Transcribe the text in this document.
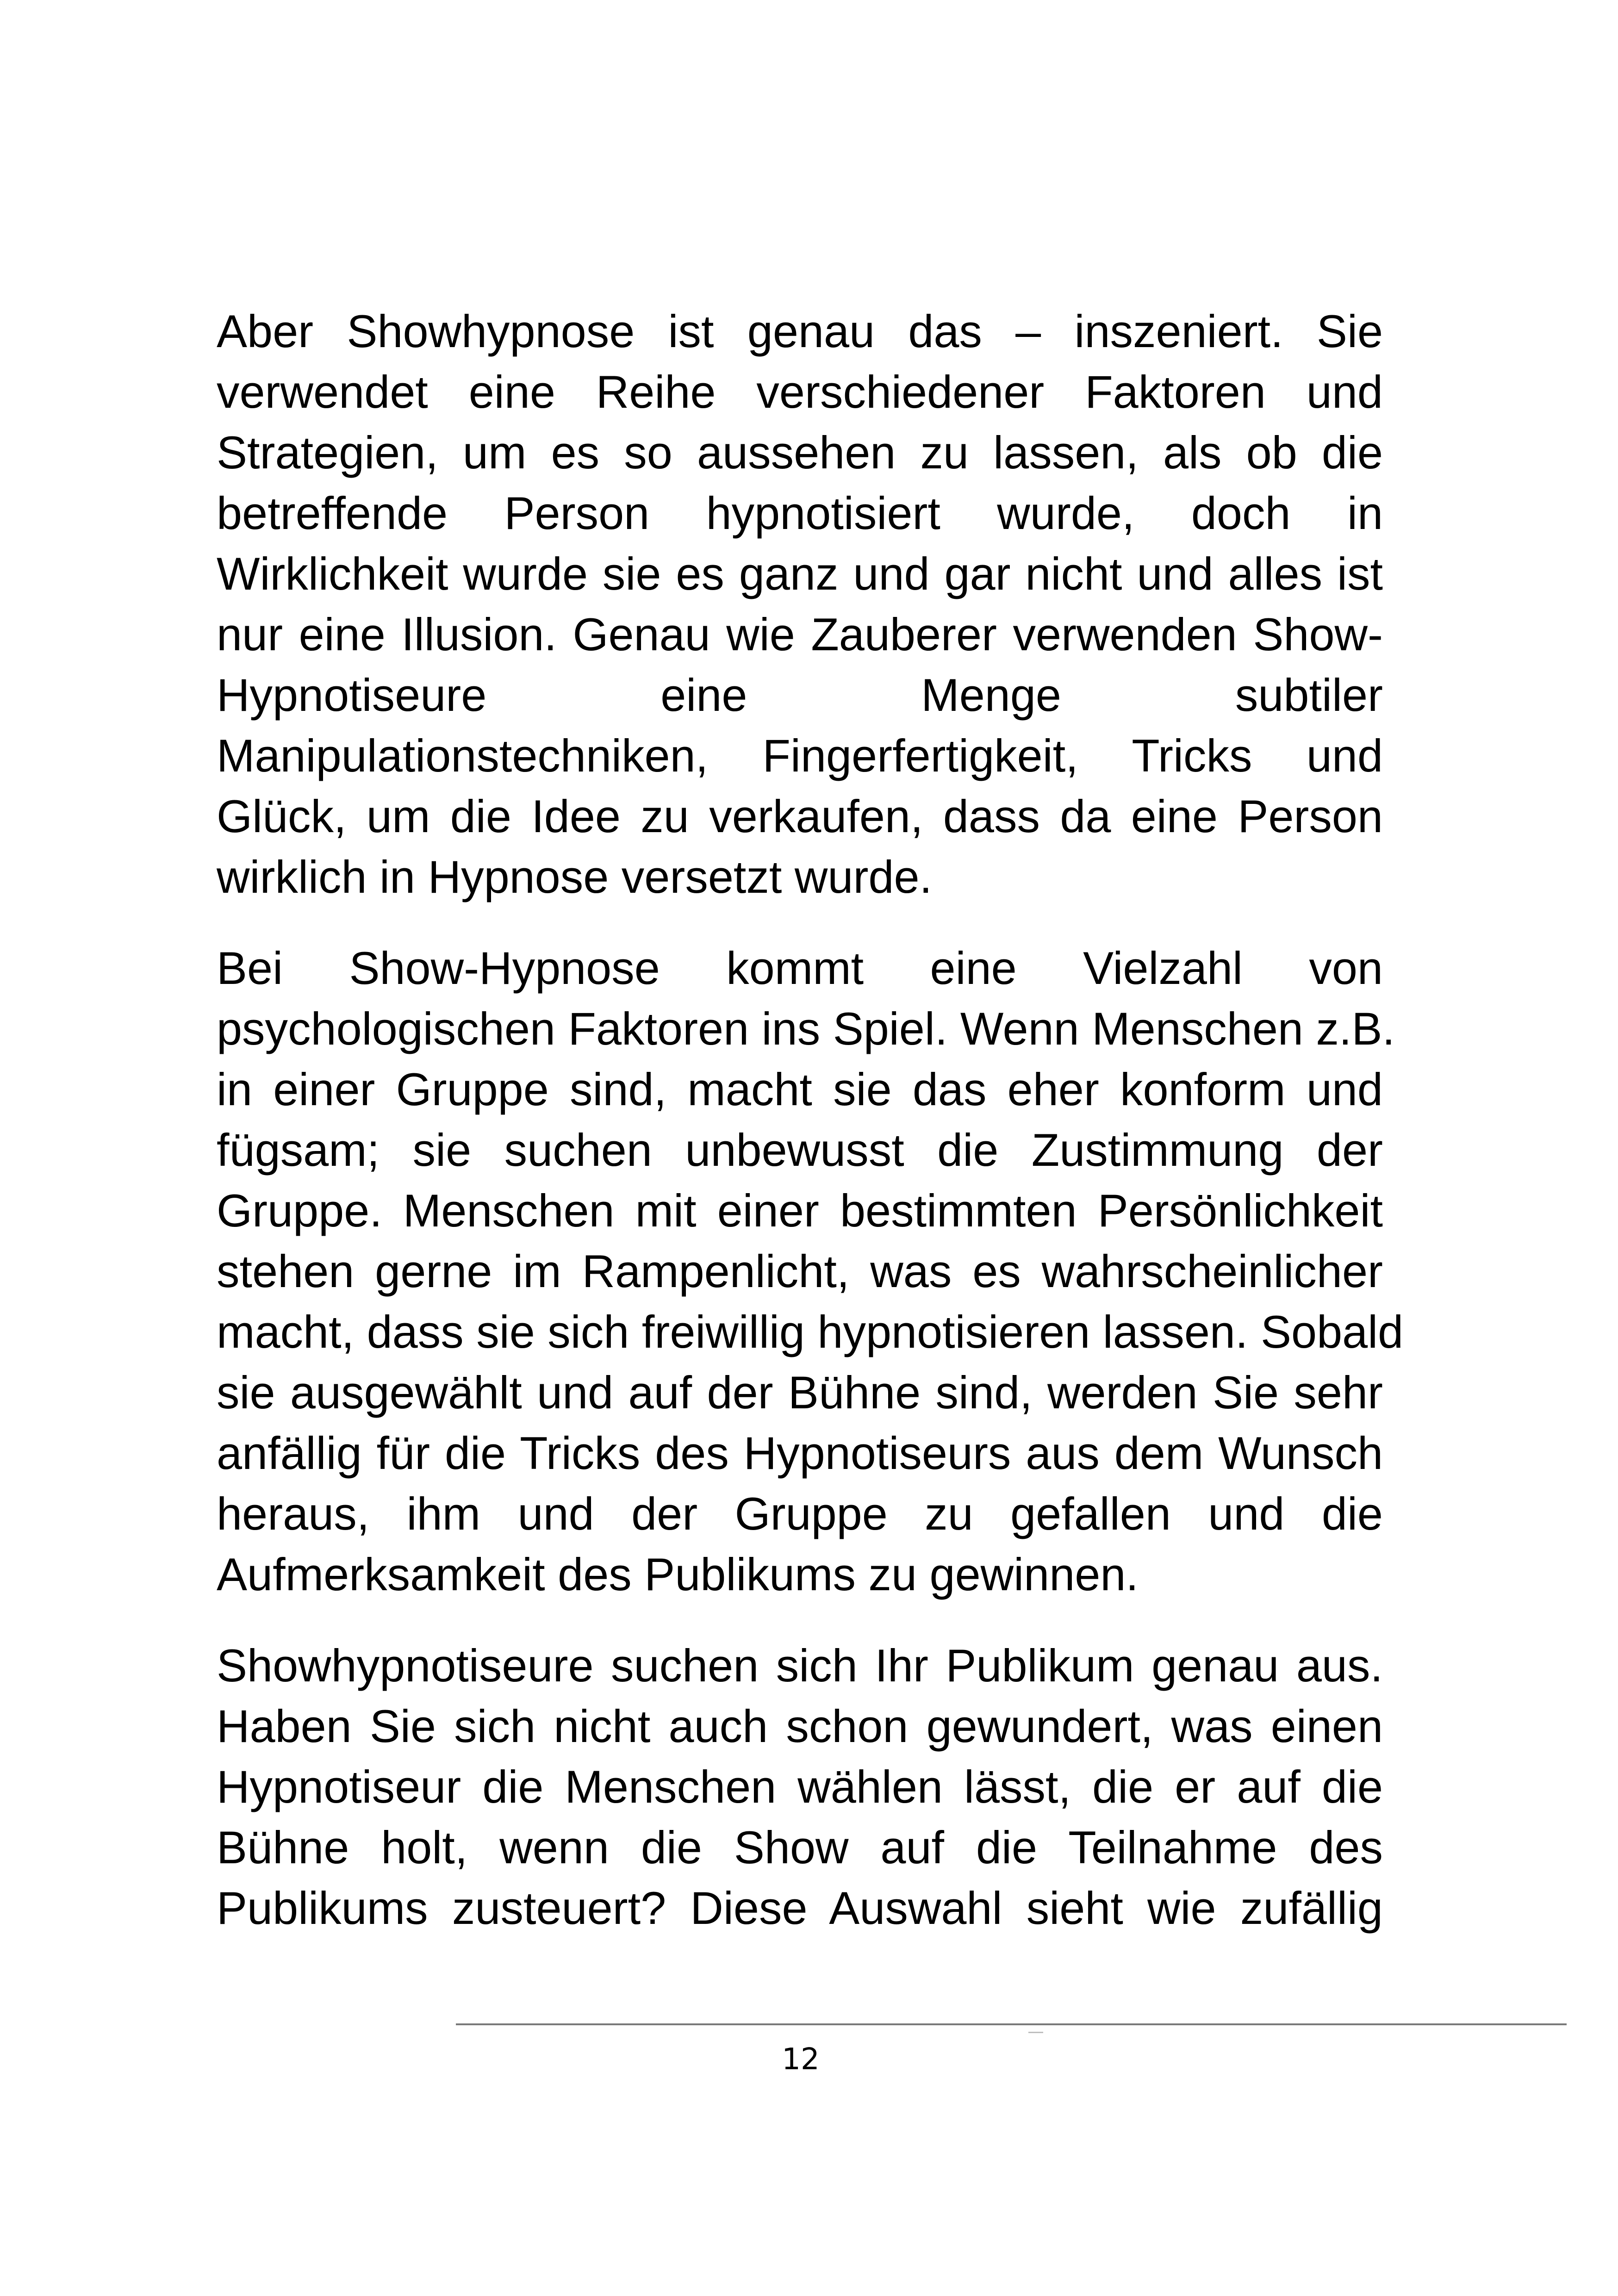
Aber Showhypnose ist genau das – inszeniert. Sie
verwendet eine Reihe verschiedener Faktoren und
Strategien, um es so aussehen zu lassen, als ob die
betreffende Person hypnotisiert wurde, doch in
Wirklichkeit wurde sie es ganz und gar nicht und alles ist
nur eine Illusion. Genau wie Zauberer verwenden Show-
Hypnotiseure eine Menge subtiler
Manipulationstechniken, Fingerfertigkeit, Tricks und
Glück, um die Idee zu verkaufen, dass da eine Person
wirklich in Hypnose versetzt wurde.

Bei Show-Hypnose kommt eine Vielzahl von
psychologischen Faktoren ins Spiel. Wenn Menschen z.B.
in einer Gruppe sind, macht sie das eher konform und
fügsam; sie suchen unbewusst die Zustimmung der
Gruppe. Menschen mit einer bestimmten Persönlichkeit
stehen gerne im Rampenlicht, was es wahrscheinlicher
macht, dass sie sich freiwillig hypnotisieren lassen. Sobald
sie ausgewählt und auf der Bühne sind, werden Sie sehr
anfällig für die Tricks des Hypnotiseurs aus dem Wunsch
heraus, ihm und der Gruppe zu gefallen und die
Aufmerksamkeit des Publikums zu gewinnen.

Showhypnotiseure suchen sich Ihr Publikum genau aus.
Haben Sie sich nicht auch schon gewundert, was einen
Hypnotiseur die Menschen wählen lässt, die er auf die
Bühne holt, wenn die Show auf die Teilnahme des
Publikums zusteuert? Diese Auswahl sieht wie zufällig

12
